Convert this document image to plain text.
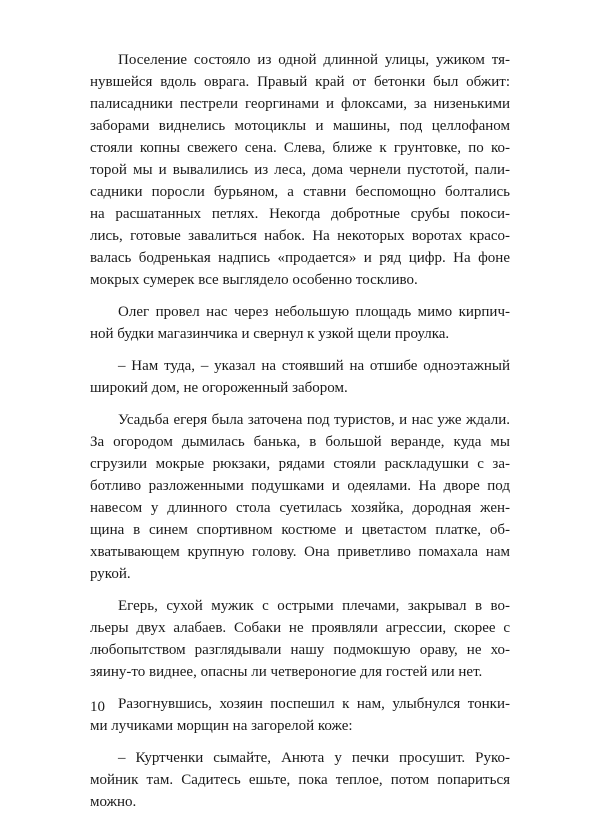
Поселение состояло из одной длинной улицы, ужиком тя-
нувшейся вдоль оврага. Правый край от бетонки был обжит:
палисадники пестрели георгинами и флоксами, за низенькими
заборами виднелись мотоциклы и машины, под целлофаном
стояли копны свежего сена. Слева, ближе к грунтовке, по ко-
торой мы и вывалились из леса, дома чернели пустотой, пали-
садники поросли бурьяном, а ставни беспомощно болтались
на расшатанных петлях. Некогда добротные срубы покоси-
лись, готовые завалиться набок. На некоторых воротах красо-
валась бодренькая надпись «продается» и ряд цифр. На фоне
мокрых сумерек все выглядело особенно тоскливо.
Олег провел нас через небольшую площадь мимо кирпич-
ной будки магазинчика и свернул к узкой щели проулка.
– Нам туда, – указал на стоявший на отшибе одноэтажный
широкий дом, не огороженный забором.
Усадьба егеря была заточена под туристов, и нас уже ждали.
За огородом дымилась банька, в большой веранде, куда мы
сгрузили мокрые рюкзаки, рядами стояли раскладушки с за-
ботливо разложенными подушками и одеялами. На дворе под
навесом у длинного стола суетилась хозяйка, дородная жен-
щина в синем спортивном костюме и цветастом платке, об-
хватывающем крупную голову. Она приветливо помахала нам
рукой.
Егерь, сухой мужик с острыми плечами, закрывал в во-
льеры двух алабаев. Собаки не проявляли агрессии, скорее с
любопытством разглядывали нашу подмокшую ораву, не хо-
зяину-то виднее, опасны ли четвероногие для гостей или нет.
Разогнувшись, хозяин поспешил к нам, улыбнулся тонки-
ми лучиками морщин на загорелой коже:
– Куртченки сымайте, Анюта у печки просушит. Руко-
мойник там. Садитесь ешьте, пока теплое, потом попариться
можно.
10
